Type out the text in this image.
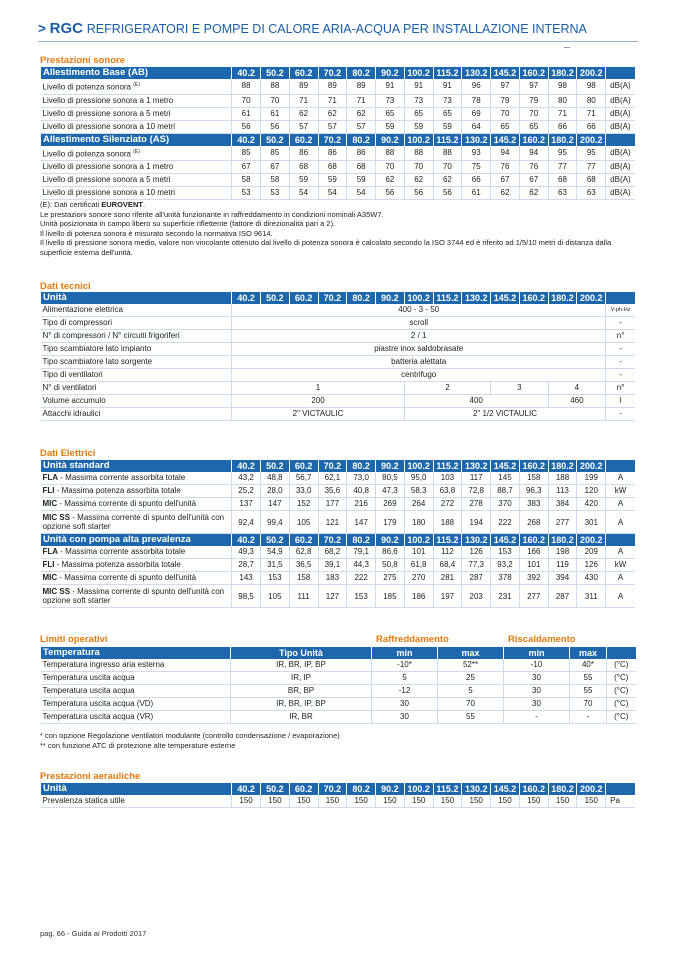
> RGC REFRIGERATORI E POMPE DI CALORE ARIA-ACQUA PER INSTALLAZIONE INTERNA
Prestazioni sonore
Allestimento Base (AB)	40.2	50.2	60.2	70.2	80.2	90.2	100.2	115.2	130.2	145.2	160.2	180.2	200.2	
Livello di potenza sonora $^{(E)}$	88	88	89	89	89	91	91	91	96	97	97	98	98	dB(A)
Livello di pressione sonora a 1 metro	70	70	71	71	71	73	73	73	78	79	79	80	80	dB(A)
Livello di pressione sonora a 5 metri	61	61	62	62	62	65	65	65	69	70	70	71	71	dB(A)
Livello di pressione sonora a 10 metri	56	56	57	57	57	59	59	59	64	65	65	66	66	dB(A)
Allestimento Silenziato (AS)	40.2	50.2	60.2	70.2	80.2	90.2	100.2	115.2	130.2	145.2	160.2	180.2	200.2	
Livello di potenza sonora $^{(E)}$	85	85	86	86	86	88	88	88	93	94	94	95	95	dB(A)
Livello di pressione sonora a 1 metro	67	67	68	68	68	70	70	70	75	76	76	77	77	dB(A)
Livello di pressione sonora a 5 metri	58	58	59	59	59	62	62	62	66	67	67	68	68	dB(A)
Livello di pressione sonora a 10 metri	53	53	54	54	54	56	56	56	61	62	62	63	63	dB(A)

(E): Dati certificati EUROVENT.

Le prestazioni sonore sono riferite all'unità funzionante in raffreddamento in condizioni nominali A35W7.

Unità posizionata in campo libero su superficie riflettente (fattore di direzionalità pari a 2).

Il livello di potenza sonora è misurato secondo la normativa ISO 9614.

Il livello di pressione sonora medio, valore non vincolante ottenuto dal livello di potenza sonora è calcolato secondo la ISO 3744 ed è riferito ad 1/5/10 metri di distanza dalla superficie esterna dell'unità.

Dati tecnici
Unità	40.2	50.2	60.2	70.2	80.2	90.2	100.2	115.2	130.2	145.2	160.2	180.2	200.2	
Alimentazione elettrica	400 - 3 - 50													V-ph-Hz
Tipo di compressori	scroll													-
N° di compressori / N° circuiti frigoriferi	2 / 1													n°
Tipo scambiatore lato impianto	piastre inox saldobrasate													-
Tipo scambiatore lato sorgente	batteria alettata													-
Tipo di ventilatori	centrifugo													-
N° di ventilatori	1						2			3		4		n°
Volume accumulo	200						400					460		l
Attacchi idraulici	2" VICTAULIC						2" 1/2 VICTAULIC							-
Dati Elettrici
Unità standard	40.2	50.2	60.2	70.2	80.2	90.2	100.2	115.2	130.2	145.2	160.2	180.2	200.2	
FLA - Massima corrente assorbita totale	43,2	48,8	56,7	62,1	73,0	80,5	95,0	103	117	145	158	188	199	A
FLI - Massima potenza assorbita totale	25,2	28,0	33,0	35,6	40,8	47,3	58,3	63,8	72,8	88,7	96,3	113	120	kW
MIC - Massima corrente di spunto dell'unità	137	147	152	177	216	269	264	272	278	370	383	384	420	A
MIC SS - Massima corrente di spunto dell'unità con opzione soft starter	92,4	99,4	105	121	147	179	180	188	194	222	268	277	301	A
Unità con pompa alta prevalenza	40.2	50.2	60.2	70.2	80.2	90.2	100.2	115.2	130.2	145.2	160.2	180.2	200.2	
FLA - Massima corrente assorbita totale	49,3	54,9	62,8	68,2	79,1	86,6	101	112	126	153	166	198	209	A
FLI - Massima potenza assorbita totale	28,7	31,5	36,5	39,1	44,3	50,8	61,8	68,4	77,3	93,2	101	119	126	kW
MIC - Massima corrente di spunto dell'unità	143	153	158	183	222	275	270	281	287	378	392	394	430	A
MIC SS - Massima corrente di spunto dell'unità con opzione soft starter	98,5	105	111	127	153	185	186	197	203	231	277	287	311	A
Limiti operativi	Raffreddamento	Riscaldamento
Temperatura	Tipo Unità	min	max	min	max	
Temperatura ingresso aria esterna	IR, BR, IP, BP	-10*	52**	-10	40*	(°C)
Temperatura uscita acqua	IR, IP	5	25	30	55	(°C)
Temperatura uscita acqua	BR, BP	-12	5	30	55	(°C)
Temperatura uscita acqua (VD)	IR, BR, IP, BP	30	70	30	70	(°C)
Temperatura uscita acqua (VR)	IR, BR	30	55	-	-	(°C)

* con opzione Regolazione ventilatori modulante (controllo condensazione / evaporazione)

** con funzione ATC di protezione alte temperature esterne

Prestazioni aerauliche
Unità	40.2	50.2	60.2	70.2	80.2	90.2	100.2	115.2	130.2	145.2	160.2	180.2	200.2	
Prevalenza statica utile	150	150	150	150	150	150	150	150	150	150	150	150	150	Pa
pag. 66 - Guida ai Prodotti 2017
